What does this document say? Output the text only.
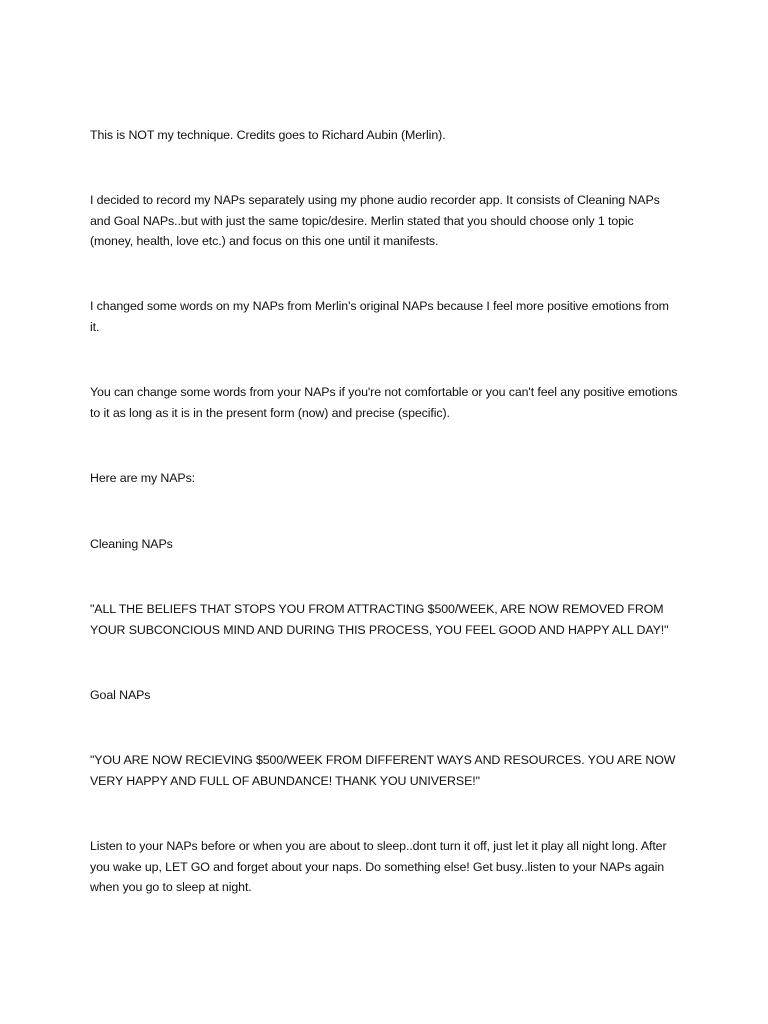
This is NOT my technique. Credits goes to Richard Aubin (Merlin).

I decided to record my NAPs separately using my phone audio recorder app. It consists of Cleaning NAPs and Goal NAPs..but with just the same topic/desire. Merlin stated that you should choose only 1 topic (money, health, love etc.) and focus on this one until it manifests.

I changed some words on my NAPs from Merlin's original NAPs because I feel more positive emotions from it.

You can change some words from your NAPs if you're not comfortable or you can't feel any positive emotions to it as long as it is in the present form (now) and precise (specific).

Here are my NAPs:

Cleaning NAPs

"ALL THE BELIEFS THAT STOPS YOU FROM ATTRACTING $500/WEEK, ARE NOW REMOVED FROM YOUR SUBCONCIOUS MIND AND DURING THIS PROCESS, YOU FEEL GOOD AND HAPPY ALL DAY!"

Goal NAPs

"YOU ARE NOW RECIEVING $500/WEEK FROM DIFFERENT WAYS AND RESOURCES. YOU ARE NOW VERY HAPPY AND FULL OF ABUNDANCE! THANK YOU UNIVERSE!"

Listen to your NAPs before or when you are about to sleep..dont turn it off, just let it play all night long. After you wake up, LET GO and forget about your naps. Do something else! Get busy..listen to your NAPs again when you go to sleep at night.
